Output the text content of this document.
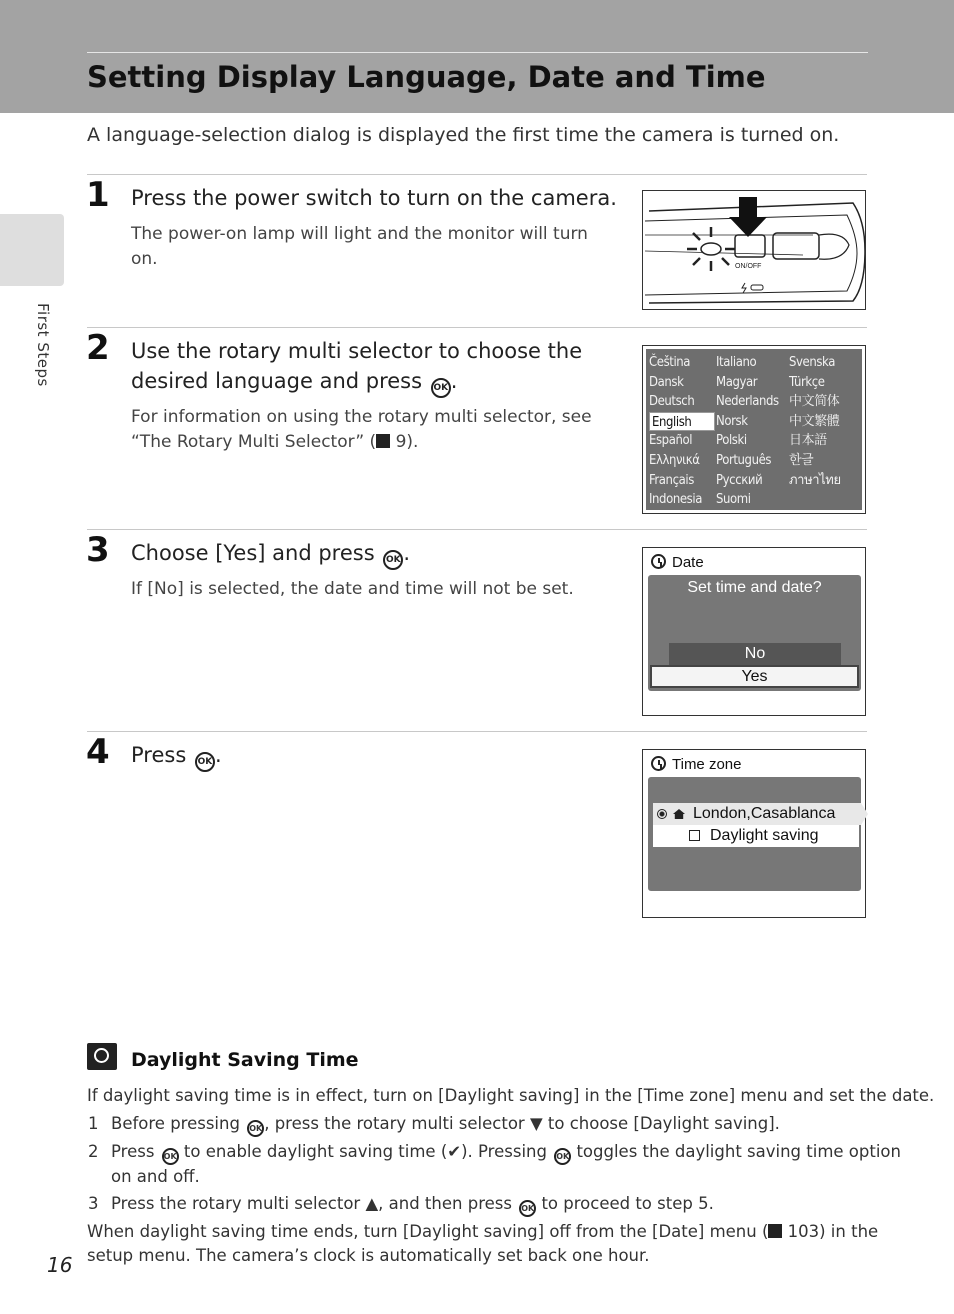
Setting Display Language, Date and Time
First Steps

A language-selection dialog is displayed the first time the camera is turned on.

1 Press the power switch to turn on the camera.
The power-on lamp will light and the monitor will turn
on.	ON/OFF
2 Use the rotary multi selector to choose the
desired language and press OK .
For information on using the rotary multi selector, see
“The Rotary Multi Selector” ( 9).
Čeština
Dansk
Deutsch
English
Español
Ελληνικά
Français
Indonesia
Italiano
Magyar
Nederlands
Norsk
Polski
Português
Русский
Suomi
Svenska
Türkçe
中文简体
中文繁體
日本語
한글
ภาษาไทย
3 Choose [Yes] and press OK .
If [No] is selected, the date and time will not be set.
Date
Set time and date?
No
Yes
4 Press OK .	Time zone
London,Casablanca
Daylight saving
Daylight Saving Time

If daylight saving time is in effect, turn on [Daylight saving] in the [Time zone] menu and set the date.

1 Before pressing OK , press the rotary multi selector ▼ to choose [Daylight saving].
2 Press OK to enable daylight saving time (✔). Pressing OK toggles the daylight saving time option
on and off.
3 Press the rotary multi selector ▲, and then press OK to proceed to step 5.
When daylight saving time ends, turn [Daylight saving] off from the [Date] menu ( 103) in the
setup menu. The camera’s clock is automatically set back one hour.
16
